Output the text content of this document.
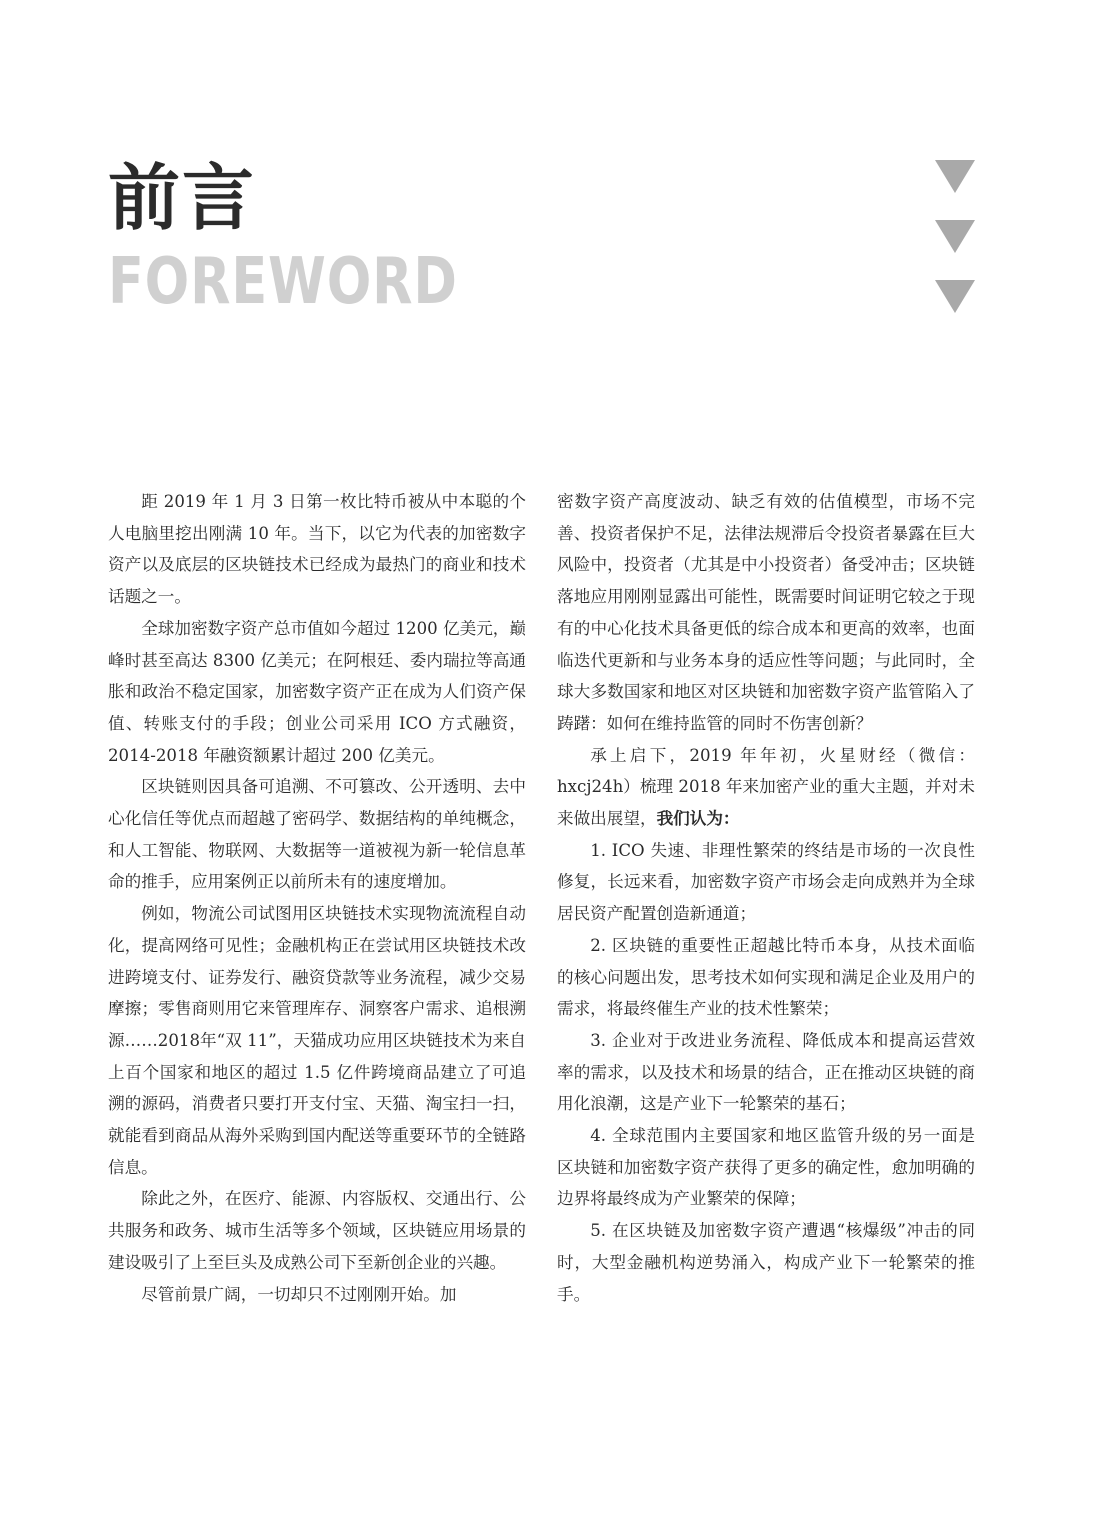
前言
FOREWORD

距 2019 年 1 月 3 日第一枚比特币被从中本聪的个人电脑里挖出刚满 10 年。当下，以它为代表的加密数字资产以及底层的区块链技术已经成为最热门的商业和技术话题之一。

全球加密数字资产总市值如今超过 1200 亿美元，巅峰时甚至高达 8300 亿美元；在阿根廷、委内瑞拉等高通胀和政治不稳定国家，加密数字资产正在成为人们资产保值、转账支付的手段；创业公司采用 ICO 方式融资，2014-2018 年融资额累计超过 200 亿美元。

区块链则因具备可追溯、不可篡改、公开透明、去中心化信任等优点而超越了密码学、数据结构的单纯概念，和人工智能、物联网、大数据等一道被视为新一轮信息革命的推手，应用案例正以前所未有的速度增加。

例如，物流公司试图用区块链技术实现物流流程自动化，提高网络可见性；金融机构正在尝试用区块链技术改进跨境支付、证券发行、融资贷款等业务流程，减少交易摩擦；零售商则用它来管理库存、洞察客户需求、追根溯源……2018年“双 11”，天猫成功应用区块链技术为来自上百个国家和地区的超过 1.5 亿件跨境商品建立了可追溯的源码，消费者只要打开支付宝、天猫、淘宝扫一扫，就能看到商品从海外采购到国内配送等重要环节的全链路信息。

除此之外，在医疗、能源、内容版权、交通出行、公共服务和政务、城市生活等多个领域，区块链应用场景的建设吸引了上至巨头及成熟公司下至新创企业的兴趣。

尽管前景广阔，一切却只不过刚刚开始。加

密数字资产高度波动、缺乏有效的估值模型，市场不完善、投资者保护不足，法律法规滞后令投资者暴露在巨大风险中，投资者（尤其是中小投资者）备受冲击；区块链落地应用刚刚显露出可能性，既需要时间证明它较之于现有的中心化技术具备更低的综合成本和更高的效率，也面临迭代更新和与业务本身的适应性等问题；与此同时，全球大多数国家和地区对区块链和加密数字资产监管陷入了踌躇：如何在维持监管的同时不伤害创新？

承上启下，2019 年年初，火星财经（微信：hxcj24h）梳理 2018 年来加密产业的重大主题，并对未来做出展望，我们认为：

1. ICO 失速、非理性繁荣的终结是市场的一次良性修复，长远来看，加密数字资产市场会走向成熟并为全球居民资产配置创造新通道；

2. 区块链的重要性正超越比特币本身，从技术面临的核心问题出发，思考技术如何实现和满足企业及用户的需求，将最终催生产业的技术性繁荣；

3. 企业对于改进业务流程、降低成本和提高运营效率的需求，以及技术和场景的结合，正在推动区块链的商用化浪潮，这是产业下一轮繁荣的基石；

4. 全球范围内主要国家和地区监管升级的另一面是区块链和加密数字资产获得了更多的确定性，愈加明确的边界将最终成为产业繁荣的保障；

5. 在区块链及加密数字资产遭遇“核爆级”冲击的同时，大型金融机构逆势涌入，构成产业下一轮繁荣的推手。
